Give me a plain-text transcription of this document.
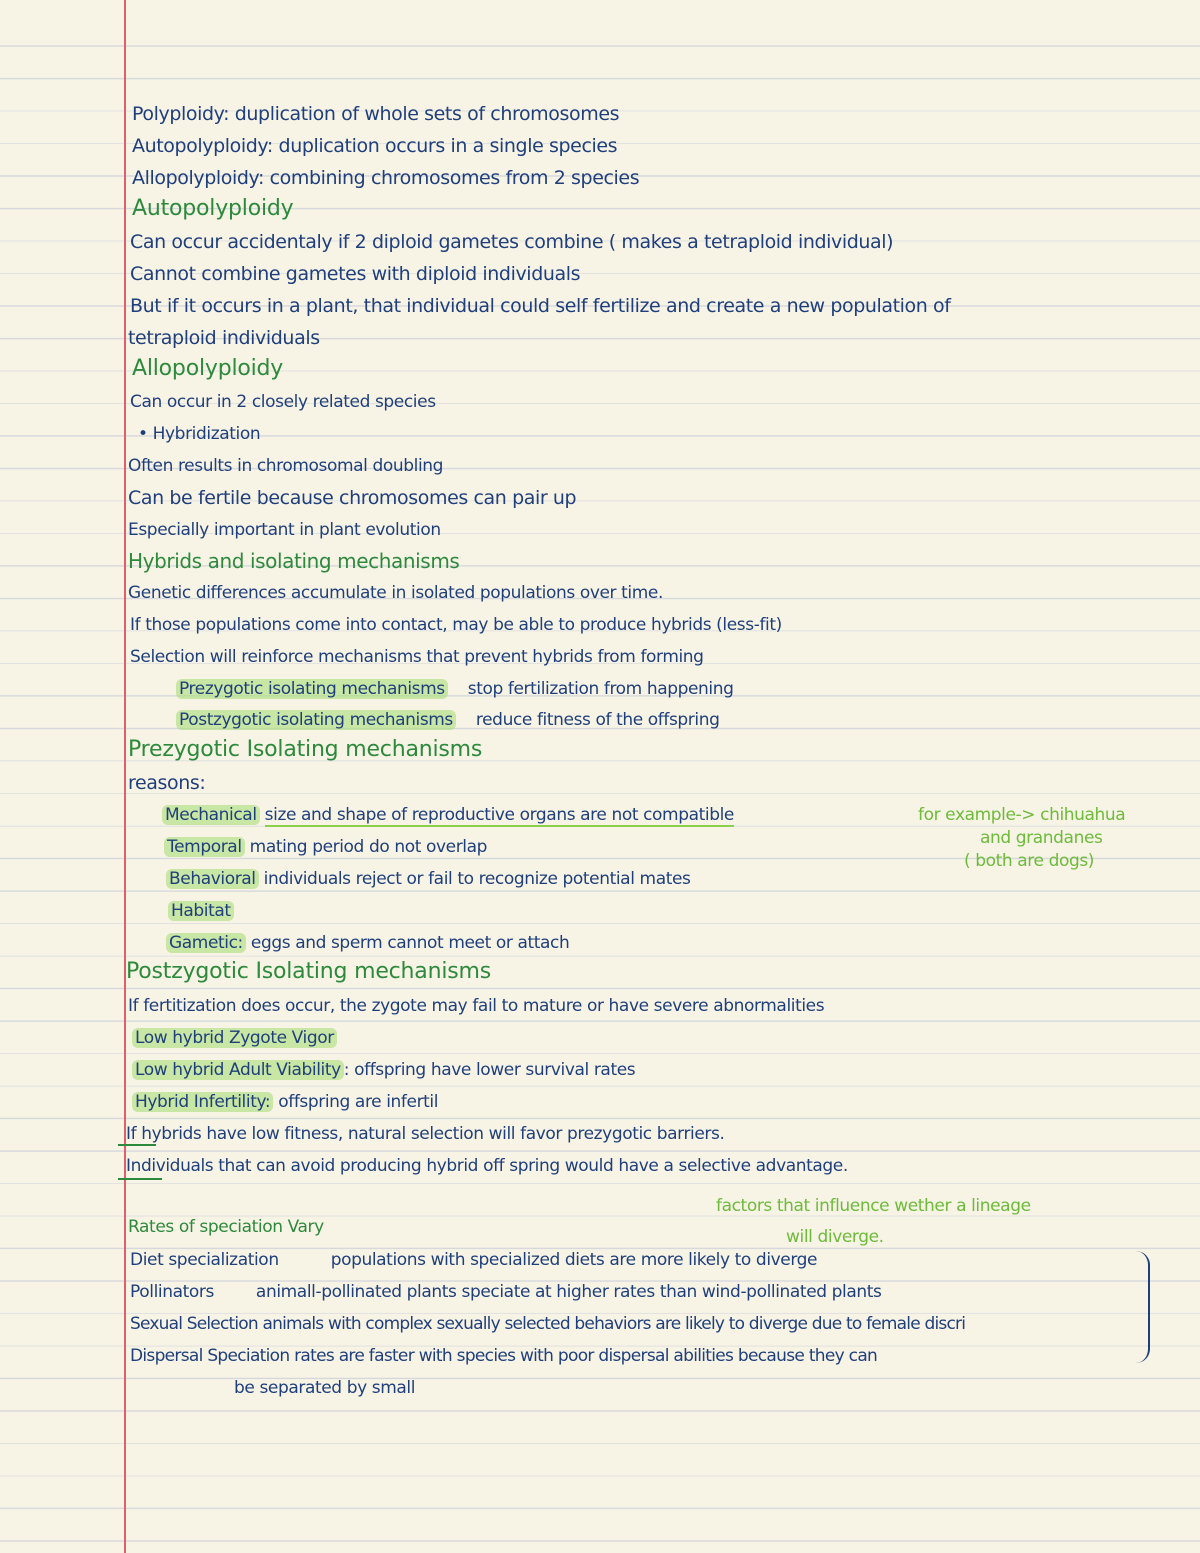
Polyploidy: duplication of whole sets of chromosomes
Autopolyploidy: duplication occurs in a single species
Allopolyploidy: combining chromosomes from 2 species
Autopolyploidy
Can occur accidentaly if 2 diploid gametes combine ( makes a tetraploid individual)
Cannot combine gametes with diploid individuals
But if it occurs in a plant, that individual could self fertilize and create a new population of
tetraploid individuals
Allopolyploidy
Can occur in 2 closely related species
• Hybridization
Often results in chromosomal doubling
Can be fertile because chromosomes can pair up
Especially important in plant evolution
Hybrids and isolating mechanisms
Genetic differences accumulate in isolated populations over time.
If those populations come into contact, may be able to produce hybrids (less-fit)
Selection will reinforce mechanisms that prevent hybrids from forming
Prezygotic isolating mechanisms stop fertilization from happening
Postzygotic isolating mechanisms reduce fitness of the offspring
Prezygotic Isolating mechanisms
reasons:
Mechanical size and shape of reproductive organs are not compatible
Temporal mating period do not overlap
Behavioral individuals reject or fail to recognize potential mates
Habitat
Gametic: eggs and sperm cannot meet or attach
for example-> chihuahua
and grandanes
( both are dogs)
Postzygotic Isolating mechanisms
If fertitization does occur, the zygote may fail to mature or have severe abnormalities
Low hybrid Zygote Vigor
Low hybrid Adult Viability : offspring have lower survival rates
Hybrid Infertility: offspring are infertil
If hybrids have low fitness, natural selection will favor prezygotic barriers.
Individuals that can avoid producing hybrid off spring would have a selective advantage.
factors that influence wether a lineage
will diverge.
Rates of speciation Vary
Diet specialization	populations with specialized diets are more likely to diverge
Pollinators animall-pollinated plants speciate at higher rates than wind-pollinated plants
Sexual Selection animals with complex sexually selected behaviors are likely to diverge due to female discri
Dispersal Speciation rates are faster with species with poor dispersal abilities because they can
be separated by small
